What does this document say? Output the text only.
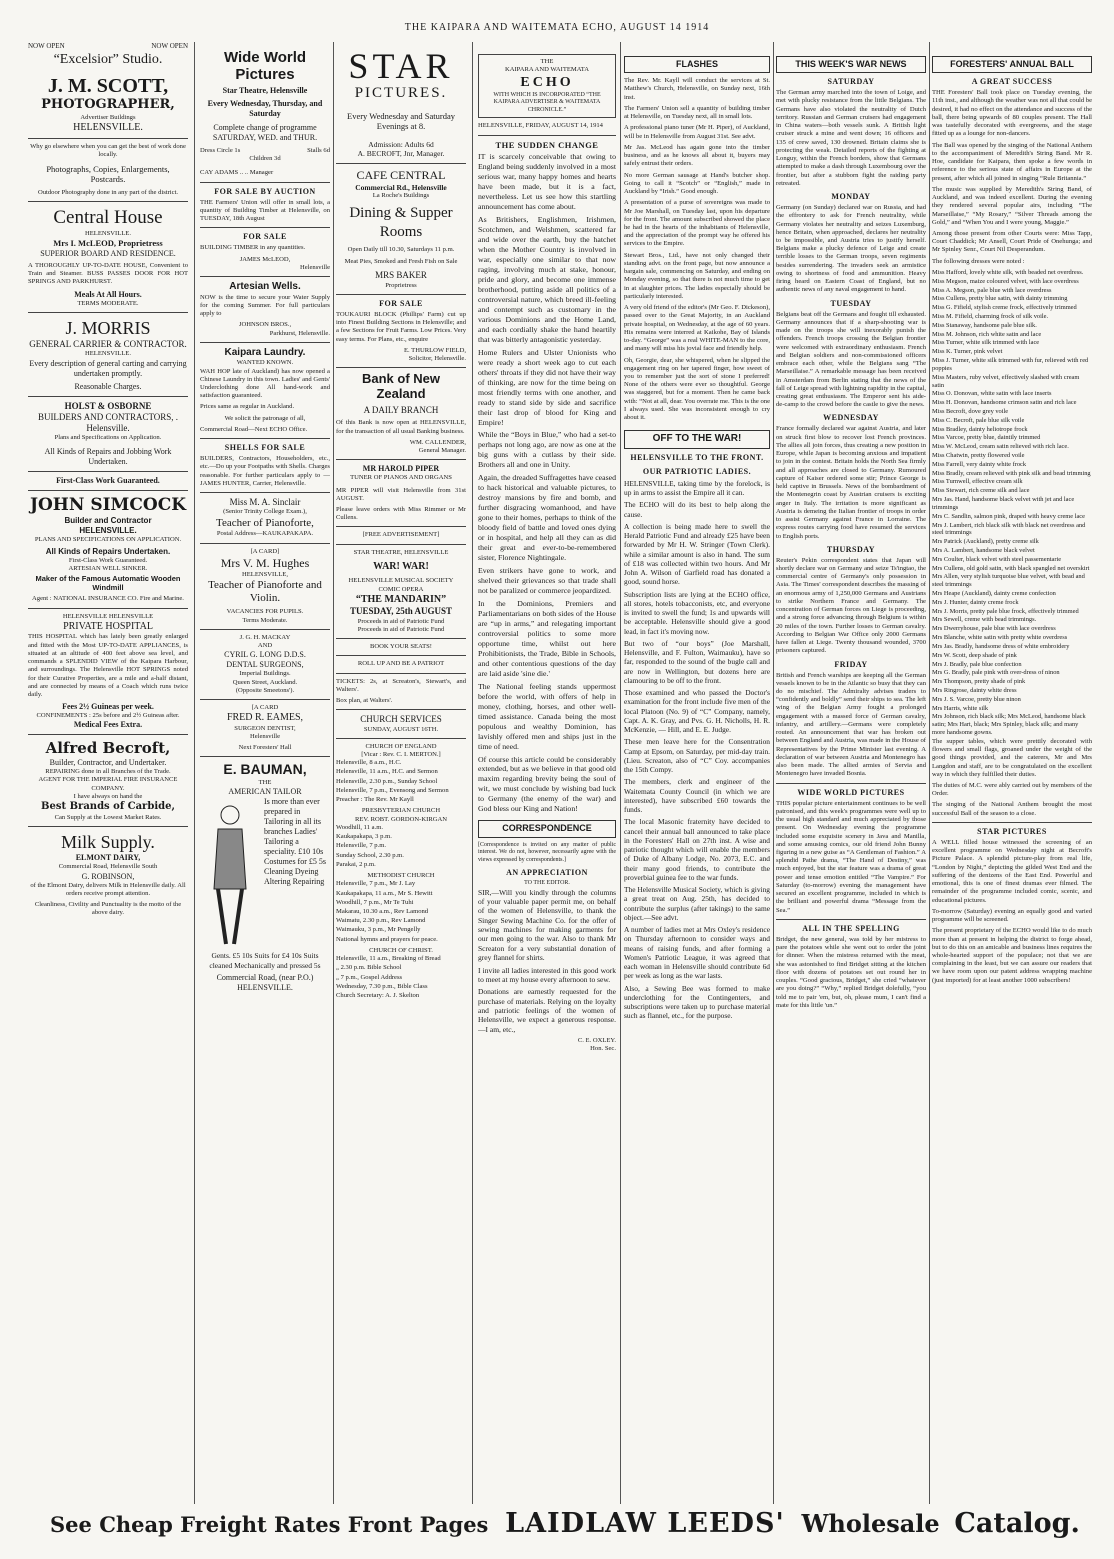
THE KAIPARA AND WAITEMATA ECHO, AUGUST 14 1914
NOW OPEN	NOW OPEN
“Excelsior” Studio.
J. M. SCOTT,
PHOTOGRAPHER,
Advertiser Buildings
HELENSVILLE.
Why go elsewhere when you can get the best of work done locally.
Photographs, Copies, Enlargements, Postcards.
Outdoor Photography done in any part of the district.
Central House
HELENSVILLE.
Mrs I. McLEOD, Proprietress
SUPERIOR BOARD AND RESIDENCE.

A THOROUGHLY UP-TO-DATE HOUSE, Convenient to Train and Steamer. BUSS PASSES DOOR FOR HOT SPRINGS AND PARKHURST.

Meals At All Hours.
TERMS MODERATE.
J. MORRIS
GENERAL CARRIER & CONTRACTOR.
HELENSVILLE.

Every description of general carting and carrying undertaken promptly.

Reasonable Charges.
HOLST & OSBORNE
BUILDERS AND CONTRACTORS, . Helensville.
Plans and Specifications on Application.
All Kinds of Repairs and Jobbing Work Undertaken.
First-Class Work Guaranteed.
JOHN SIMCOCK
Builder and Contractor
HELENSVILLE.
PLANS AND SPECIFICATIONS ON APPLICATION.
All Kinds of Repairs Undertaken.
First-Class Work Guaranteed.
ARTESIAN WELL SINKER.
Maker of the Famous Automatic Wooden Windmill
Agent : NATIONAL INSURANCE CO. Fire and Marine.
HELENSVILLE HELENSVILLE
PRIVATE HOSPITAL

THIS HOSPITAL which has lately been greatly enlarged and fitted with the Most UP-TO-DATE APPLIANCES, is situated at an altitude of 400 feet above sea level, and commands a SPLENDID VIEW of the Kaipara Harbour, and surroundings. The Helensville HOT SPRINGS noted for their Curative Properties, are a mile and a-half distant, and are connected by means of a Coach which runs twice daily.

Fees 2½ Guineas per week.
CONFINEMENTS : 25s before and 2½ Guineas after.
Medical Fees Extra.
Alfred Becroft,
Builder, Contractor, and Undertaker.
REPAIRING done in all Branches of the Trade.
AGENT FOR THE IMPERIAL FIRE INSURANCE COMPANY.
I have always on hand the
Best Brands of Carbide,
Can Supply at the Lowest Market Rates.
Milk Supply.
ELMONT DAIRY,
Commercial Road, Helensville South
G. ROBINSON,
of the Elmont Dairy, delivers Milk in Helensville daily. All orders receive prompt attention.
Cleanliness, Civility and Punctuality is the motto of the above dairy.
Wide World Pictures
Star Theatre, Helensville
Every Wednesday, Thursday, and Saturday
Complete change of programme SATURDAY, WED. and THUR.
Dress Circle 1s	Stalls 6d
Children 3d
CAY ADAMS .. .. Manager
FOR SALE BY AUCTION

THE Farmers' Union will offer in small lots, a quantity of Building Timber at Helensville, on TUESDAY, 18th August

FOR SALE

BUILDING TIMBER in any quantities.

JAMES McLEOD,
Helensville
Artesian Wells.

NOW is the time to secure your Water Supply for the coming Summer. For full particulars apply to

JOHNSON BROS.,
Parkhurst, Helensville.
Kaipara Laundry.
WANTED KNOWN.

WAH HOP late of Auckland) has now opened a Chinese Laundry in this town. Ladies' and Gents' Underclothing done All hand-work and satisfaction guaranteed.

Prices same as regular in Auckland.
We solicit the patronage of all,
Commercial Road—Next ECHO Office.
SHELLS FOR SALE

BUILDERS, Contractors, Householders, etc., etc.—Do up your Footpaths with Shells. Charges reasonable. For further particulars apply to — JAMES HUNTER, Carrier, Helensville.

Miss M. A. Sinclair
(Senior Trinity College Exam.),
Teacher of Pianoforte,
Postal Address—KAUKAPAKAPA.
[A CARD]
Mrs V. M. Hughes
HELENSVILLE,
Teacher of Pianoforte and Violin.
VACANCIES FOR PUPILS.
Terms Moderate.
J. G. H. MACKAY
AND
CYRIL G. LONG D.D.S.
DENTAL SURGEONS,
Imperial Buildings.
Queen Street, Auckland.
(Opposite Smeetons').
[A CARD
FRED R. EAMES,
SURGEON DENTIST,
Helensville
Next Foresters' Hall
E. BAUMAN,
THE
AMERICAN TAILOR
Is more than ever prepared in Tailoring in all its branches Ladies' Tailoring a speciality. £10 10s Costumes for £5 5s Cleaning Dyeing Altering Repairing
Gents. £5 10s Suits for £4 10s Suits cleaned Mechanically and pressed 5s
Commercial Road, (near P.O.)
HELENSVILLE.
STAR
PICTURES.
Every Wednesday and Saturday Evenings at 8.
Admission: Adults 6d
A. BECROFT, Jnr, Manager.
CAFE CENTRAL
Commercial Rd., Helensville
La Roche's Buildings
Dining & Supper Rooms
Open Daily till 10.30, Saturdays 11 p.m.
Meat Pies, Smoked and Fresh Fish on Sale
MRS BAKER
Proprietress
FOR SALE

TOUKAURI BLOCK (Phillips' Farm) cut up into Finest Building Sections in Helensville; and a few Sections for Fruit Farms. Low Prices. Very easy terms. For Plans, etc., enquire

E. THURLOW FIELD,
Solicitor, Helensville.
Bank of New Zealand
A DAILY BRANCH

Of this Bank is now open at HELENSVILLE, for the transaction of all usual Banking business.

WM. CALLENDER,
General Manager.
MR HAROLD PIPER
TUNER OF PIANOS AND ORGANS

MR PIPER will visit Helensville from 31st AUGUST.

Please leave orders with Miss Rimmer or Mr Cullens.

[FREE ADVERTISEMENT]
STAR THEATRE, HELENSVILLE
WAR! WAR!
HELENSVILLE MUSICAL SOCIETY
COMIC OPERA
“THE MANDARIN”
TUESDAY, 25th AUGUST
Proceeds in aid of Patriotic Fund
Proceeds in aid of Patriotic Fund
BOOK YOUR SEATS!
ROLL UP AND BE A PATRIOT

TICKETS: 2s, at Screaton's, Stewart's, and Walters'.

Box plan, at Walters'.
CHURCH SERVICES
SUNDAY, AUGUST 16TH.
CHURCH OF ENGLAND
[Vicar : Rev. C. I. MERTON.]
Helensville, 8 a.m., H.C.
Helensville, 11 a.m., H.C. and Sermon
Helensville, 2.30 p.m., Sunday School
Helensville, 7 p.m., Evensong and Sermon
Preacher : The Rev. Mr Kayll
PRESBYTERIAN CHURCH
REV. ROBT. GORDON-KIRGAN
Woodhill, 11 a.m.
Kaukapakapa, 3 p.m.
Helensville, 7 p.m.
Sunday School, 2.30 p.m.
Parakai, 2 p.m.
METHODIST CHURCH
Helensville, 7 p.m., Mr J. Lay
Kaukapakapa, 11 a.m., Mr S. Hewitt
Woodhill, 7 p.m., Mr Te Tuhi
Makarau, 10.30 a.m., Rev Lamond
Waimatu, 2.30 p.m., Rev Lamond
Waimauku, 3 p.m., Mr Pengelly
National hymns and prayers for peace.
CHURCH OF CHRIST.
Helensville, 11 a.m., Breaking of Bread
„ 2.30 p.m. Bible School
„ 7 p.m., Gospel Address
Wednesday, 7.30 p.m., Bible Class
Church Secretary: A. J. Skelton
THE
KAIPARA AND WAITEMATA
ECHO
WITH WHICH IS INCORPORATED “THE KAIPARA ADVERTISER & WAITEMATA CHRONICLE.”
HELENSVILLE, FRIDAY, AUGUST 14, 1914
THE SUDDEN CHANGE

IT is scarcely conceivable that owing to England being suddenly involved in a most serious war, many happy homes and hearts have been made, but it is a fact, nevertheless. Let us see how this startling announcement has come about.

As Britishers, Englishmen, Irishmen, Scotchmen, and Welshmen, scattered far and wide over the earth, buy the hatchet when the Mother Country is involved in war, especially one similar to that now raging, involving much at stake, honour, pride and glory, and become one immense brotherhood, putting aside all politics of a controversial nature, which breed ill-feeling and contempt such as customary in the various Dominions and the Home Land, and each cordially shake the hand heartily that was bitterly antagonistic yesterday.

Home Rulers and Ulster Unionists who were ready a short week ago to cut each others' throats if they did not have their way of thinking, are now for the time being on most friendly terms with one another, and ready to stand side by side and sacrifice their last drop of blood for King and Empire!

While the “Boys in Blue,” who had a set-to perhaps not long ago, are now as one at the big guns with a cutlass by their side. Brothers all and one in Unity.

Again, the dreaded Suffragettes have ceased to hack historical and valuable pictures, to destroy mansions by fire and bomb, and further disgracing womanhood, and have gone to their homes, perhaps to think of the bloody field of battle and loved ones dying or in hospital, and help all they can as did their great and ever-to-be-remembered sister, Florence Nightingale.

Even strikers have gone to work, and shelved their grievances so that trade shall not be paralized or commerce jeopardized.

In the Dominions, Premiers and Parliamentarians on both sides of the House are “up in arms,” and relegating important controversial politics to some more opportune time, whilst out here Prohibitionists, the Trade, Bible in Schools, and other contentious questions of the day are laid aside 'sine die.'

The National feeling stands uppermost before the world, with offers of help in money, clothing, horses, and other well-timed assistance. Canada being the most populous and wealthy Dominion, has lavishly offered men and ships just in the time of need.

Of course this article could be considerably extended, but as we believe in that good old maxim regarding brevity being the soul of wit, we must conclude by wishing bad luck to Germany (the enemy of the war) and God bless our King and Nation!

CORRESPONDENCE

[Correspondence is invited on any matter of public interest. We do not, however, necessarily agree with the views expressed by correspondents.]

AN APPRECIATION
TO THE EDITOR.

SIR,—Will you kindly through the columns of your valuable paper permit me, on behalf of the women of Helensville, to thank the Singer Sewing Machine Co. for the offer of sewing machines for making garments for our men going to the war. Also to thank Mr Screaton for a very substantial donation of grey flannel for shirts.

I invite all ladies interested in this good work to meet at my house every afternoon to sew.

Donations are earnestly requested for the purchase of materials. Relying on the loyalty and patriotic feelings of the women of Helensville, we expect a generous response.—I am, etc.,

C. E. OXLEY.
Hon. Sec.
FLASHES

The Rev. Mr. Kayll will conduct the services at St. Matthew's Church, Helensville, on Sunday next, 16th inst.

The Farmers' Union sell a quantity of building timber at Helensville, on Tuesday next, all in small lots.

A professional piano tuner (Mr H. Piper), of Auckland, will be in Helensville from August 31st. See advt.

Mr Jas. McLeod has again gone into the timber business, and as he knows all about it, buyers may safely entrust their orders.

No more German sausage at Hand's butcher shop. Going to call it “Scotch” or “English,” made in Auckland by “Irish.” Good enough.

A presentation of a purse of sovereigns was made to Mr Joe Marshall, on Tuesday last, upon his departure for the front. The amount subscribed showed the place he had in the hearts of the inhabitants of Helensville, and the appreciation of the prompt way he offered his services to the Empire.

Stewart Bros., Ltd., have not only changed their standing advt. on the front page, but now announce a bargain sale, commencing on Saturday, and ending on Monday evening, so that there is not much time to get in at slaughter prices. The ladies especially should be particularly interested.

A very old friend of the editor's (Mr Geo. F. Dickeson), passed over to the Great Majority, in an Auckland private hospital, on Wednesday, at the age of 60 years. His remains were interred at Kaikohe, Bay of Islands to-day. “George” was a real WHITE-MAN to the core, and many will miss his jovial face and friendly help.

Oh, Georgie, dear, she whispered, when he slipped the engagement ring on her tapered finger, how sweet of you to remember just the sort of stone I preferred! None of the others were ever so thoughtful. George was staggered, but for a moment. Then he came back with: “Not at all, dear. You overrate me. This is the one I always used. She was inconsistent enough to cry about it.

OFF TO THE WAR!
HELENSVILLE TO THE FRONT.
OUR PATRIOTIC LADIES.

HELENSVILLE, taking time by the forelock, is up in arms to assist the Empire all it can.

The ECHO will do its best to help along the cause.

A collection is being made here to swell the Herald Patriotic Fund and already £25 have been forwarded by Mr H. W. Stringer (Town Clerk). while a similar amount is also in hand. The sum of £18 was collected within two hours. And Mr John A. Wilson of Garfield road has donated a good, sound horse.

Subscription lists are lying at the ECHO office, all stores, hotels tobacconists, etc, and everyone is invited to swell the fund; 1s and upwards will be acceptable. Helensville should give a good lead, in fact it's moving now.

But two of “our boys” (Joe Marshall, Helensville, and F. Fulton, Waimauku), have so far, responded to the sound of the bugle call and are now in Wellington, but dozens here are clamouring to be off to the front.

Those examined and who passed the Doctor's examination for the front include five men of the local Platoon (No. 9) of “C” Company, namely, Capt. A. K. Gray, and Pvs. G. H. Nicholls, H. R. McKenzie, — Hill, and E. E. Judge.

These men leave here for the Consentration Camp at Epsom, on Saturday, per mid-day train. (Lieu. Screaton, also of “C” Coy. accompanies the 15th Compy.

The members, clerk and engineer of the Waitemata County Council (in which we are interested), have subscribed £60 towards the funds.

The local Masonic fraternity have decided to cancel their annual ball announced to take place in the Foresters' Hall on 27th inst. A wise and patriotic thought which will enable the members of Duke of Albany Lodge, No. 2073, E.C. and their many good friends, to contribute the proverbial guinea fee to the war funds.

The Helensville Musical Society, which is giving a great treat on Aug. 25th, has decided to contribute the surplus (after takings) to the same object.—See advt.

A number of ladies met at Mrs Oxley's residence on Thursday afternoon to consider ways and means of raising funds, and after forming a Women's Patriotic League, it was agreed that each woman in Helensville should contribute 6d per week as long as the war lasts.

Also, a Sewing Bee was formed to make underclothing for the Contingenters, and subscriptions were taken up to purchase material such as flannel, etc., for the purpose.

THIS WEEK'S WAR NEWS
SATURDAY

The German army marched into the town of Loige, and met with plucky resistance from the little Belgians. The Germans have also violated the neutrality of Dutch territory. Russian and German cruisers had engagement in China waters—both vessels sunk. A British light cruiser struck a mine and went down; 16 officers and 135 of crew saved, 130 drowned. Britain claims she is protecting the weak. Detailed reports of the fighting at Longuy, within the French borders, show that Germans attempted to make a dash through Luxembourg over the frontier, but after a stubborn fight the raiding party retreated.

MONDAY

Germany (on Sunday) declared war on Russia, and had the effrontery to ask for French neutrality, while Germany violates her neutrality and seizes Luxemburg, hence Britain, when approached, declares her neutrality to be impossible, and Austria tries to justify herself. Belgians make a plucky defence of Leige and create terrible losses to the German troops, seven regiments besides surrendering. The invaders seek an armistice owing to shortness of food and ammunition. Heavy firing heard on Eastern Coast of England, but no authentic news of any naval engagement to hand.

TUESDAY

Belgians beat off the Germans and fought till exhausted. Germany announces that if a sharp-shooting war is made on the troops she will inexorably punish the offenders. French troops crossing the Belgian frontier were welcomed with extraordinary enthusiasm. French and Belgian soldiers and non-commissioned officers embrace each other, while the Belgians sang “The Marseillaise.” A remarkable message has been received in Amsterdam from Berlin stating that the news of the fall of Leige spread with lightning rapidity in the capital, creating great enthusiasm. The Emperor sent his aide-de-camp to the crowd before the castle to give the news.

WEDNESDAY

France formally declared war against Austria, and later on struck first blow to recover lost French provinces. The allies all join forces, thus creating a new position in Europe, while Japan is becoming anxious and impatient to join in the contest. Britain holds the North Sea firmly and all approaches are closed to Germany. Rumoured capture of Kaiser ordered some stir; Prince George is held captive in Brussels. News of the bombardment of the Montenegrin coast by Austrian cruisers is exciting anger in Italy. The irritation is more significant as Austria is demeing the Italian frontier of troops in order to assist Germany against France in Lorraine. The express routes carrying food have resumed the services to English ports.

THURSDAY

Reuter's Pekin correspondent states that Japan will shortly declare war on Germany and seize Ts'ingtao, the commercial centre of Germany's only possession in Asia. The Times' correspondent describes the massing of an enormous army of 1,250,000 Germans and Austrians to strike Northern France and Germany. The concentration of German forces on Liege is proceeding, and a strong force advancing through Belgium is within 20 miles of the town. Further losses to German cavalry. According to Belgian War Office only 2000 Germans have fallen at Liege. Twenty thousand wounded, 3700 prisoners captured.

FRIDAY

British and French warships are keeping all the German vessels known to be in the Atlantic so busy that they can do no mischief. The Admiralty advises traders to “confidently and boldly” send their ships to sea. The left wing of the Belgian Army fought a prolonged engagement with a massed force of German cavalry, infantry, and artillery.—Germans were completely routed. An announcement that war has broken out between England and Austria, was made in the House of Representatives by the Prime Minister last evening. A declaration of war between Austria and Montenegro has also been made. The allied armies of Servia and Montenegro have invaded Bosnia.

WIDE WORLD PICTURES

THIS popular picture entertainment continues to be well patronised, and this week's programmes were well up to the usual high standard and much appreciated by those present. On Wednesday evening the programme included some exquisite scenery in Java and Manilla, and some amusing comics, our old friend John Bunny figuring in a new guise as “A Gentleman of Fashion.” A splendid Pathe drama, “The Hand of Destiny,” was much enjoyed, but the star feature was a drama of great power and tense emotion entitled “The Vampire.” For Saturday (to-morrow) evening the management have secured an excellent programme, included in which is the brilliant and powerful drama “Message from the Sea.”

ALL IN THE SPELLING

Bridget, the new general, was told by her mistress to pare the potatoes while she went out to order the joint for dinner. When the mistress returned with the meat, she was astonished to find Bridget sitting at the kitchen floor with dozens of potatoes set out round her in couples. “Good gracious, Bridget,” she cried “whatever are you doing?” “Why,” replied Bridget dolefully, “you told me to pair 'em, but, oh, please mum, I can't find a mate for this little 'un.”

FORESTERS' ANNUAL BALL
A GREAT SUCCESS

THE Foresters' Ball took place on Tuesday evening, the 11th inst., and although the weather was not all that could be desired, it had no effect on the attendance and success of the ball, there being upwards of 80 couples present. The Hall was tastefully decorated with evergreens, and the stage fitted up as a lounge for non-dancers.

The Ball was opened by the singing of the National Anthem to the accompaniment of Meredith's String Band. Mr R. Hoe, candidate for Kaipara, then spoke a few words in reference to the serious state of affairs in Europe at the present, after which all joined in singing “Rule Britannia.”

The music was supplied by Meredith's String Band, of Auckland, and was indeed excellent. During the evening they rendered several popular airs, including “The Marseillaise,” “My Rosary,” “Silver Threads among the Gold,” and “When You and I were young, Maggie.”

Among those present from other Courts were: Miss Tapp, Court Chaddick; Mr Ansell, Court Pride of Onehunga; and Mr Spinley Senr., Court Nil Desperandum.

The following dresses were noted :

Miss Hafford, lovely white silk, with beaded net overdress.
Miss Megson, maize coloured velvet, with lace overdress
Miss A. Megson, pale blue with lace overdress
Miss Cullens, pretty blue satin, with dainty trimming
Miss G. Fifield, stylish creme frock, effectively trimmed
Miss M. Fifield, charming frock of silk voile.
Miss Stanaway, handsome pale blue silk.
Miss M. Johnson, rich white satin and lace
Miss Turner, white silk trimmed with lace
Miss K. Turner, pink velvet
Miss J. Turner, white silk trimmed with fur, relieved with red poppies
Miss Masters, ruby velvet, effectively slashed with cream satin
Miss O. Donovan, white satin with lace inserts
Miss H. Donovan, handsome crimson satin and rich lace
Miss Becroft, dove grey voile
Miss C. Becroft, pale blue silk voile
Miss Bradley, dainty heliotrope frock
Miss Varcoe, pretty blue, daintily trimmed
Miss W. McLeod, cream satin relieved with rich lace.
Miss Chatwin, pretty flowered voile
Miss Farrell, very dainty white frock
Miss Bradly, cream relieved with pink silk and bead trimming
Miss Turnwell, effective cream silk
Miss Stewart, rich creme silk and lace
Mrs Jas. Hand, handsome black velvet with jet and lace trimmings
Mrs C. Sandlin, salmon pink, draped with heavy creme lace
Mrs J. Lambert, rich black silk with black net overdress and steel trimmings
Mrs Patrick (Auckland), pretty creme silk
Mrs A. Lambert, handsome black velvet
Mrs Coulter, black velvet with steel passementarie
Mrs Cullens, old gold satin, with black spangled net overskirt
Mrs Allen, very stylish turquoise blue velvet, with bead and steel trimmings
Mrs Heape (Auckland), dainty creme confection
Mrs J. Hunter, dainty creme frock
Mrs J. Morris, pretty pale blue frock, effectively trimmed
Mrs Sewell, creme with bead trimmings.
Mrs Dwerryhouse, pale blue with lace overdress
Mrs Blanche, white satin with pretty white overdress
Mrs Jas. Bradly, handsome dress of white embroidery
Mrs W. Scott, deep shade of pink
Mrs J. Bradly, pale blue confection
Mrs G. Bradly, pale pink with over-dress of ninon
Mrs Thompson, pretty shade of pink
Mrs Ringrose, dainty white dress
Mrs J. S. Varcoe, pretty blue ninon
Mrs Harris, white silk
Mrs Johnson, rich black silk; Mrs McLeod, handsome black satin; Mrs Hart, black; Mrs Spinley, black silk; and many more handsome gowns.

The supper tables, which were prettily decorated with flowers and small flags, groaned under the weight of the good things provided, and the caterers, Mr and Mrs Langdon and staff, are to be congratulated on the excellent way in which they fulfilled their duties.

The duties of M.C. were ably carried out by members of the Order.

The singing of the National Anthem brought the most successful Ball of the season to a close.

STAR PICTURES

A WELL filled house witnessed the screening of an excellent programme on Wednesday night at Becroft's Picture Palace. A splendid picture-play from real life, “London by Night,” depicting the gilded West End and the suffering of the denizens of the East End. Powerful and emotional, this is one of finest dramas ever filmed. The remainder of the programme included comic, scenic, and educational pictures.

To-morrow (Saturday) evening an equally good and varied programme will be screened.

The present proprietary of the ECHO would like to do much more than at present in helping the district to forge ahead, but to do this on an amicable and business lines requires the whole-hearted support of the populace; not that we are complaining in the least, but we can assure our readers that we have room upon our patent address wrapping machine (just imported) for at least another 1000 subscribers!

See Cheap Freight Rates Front Pages LAIDLAW LEEDS' Wholesale Catalog.
